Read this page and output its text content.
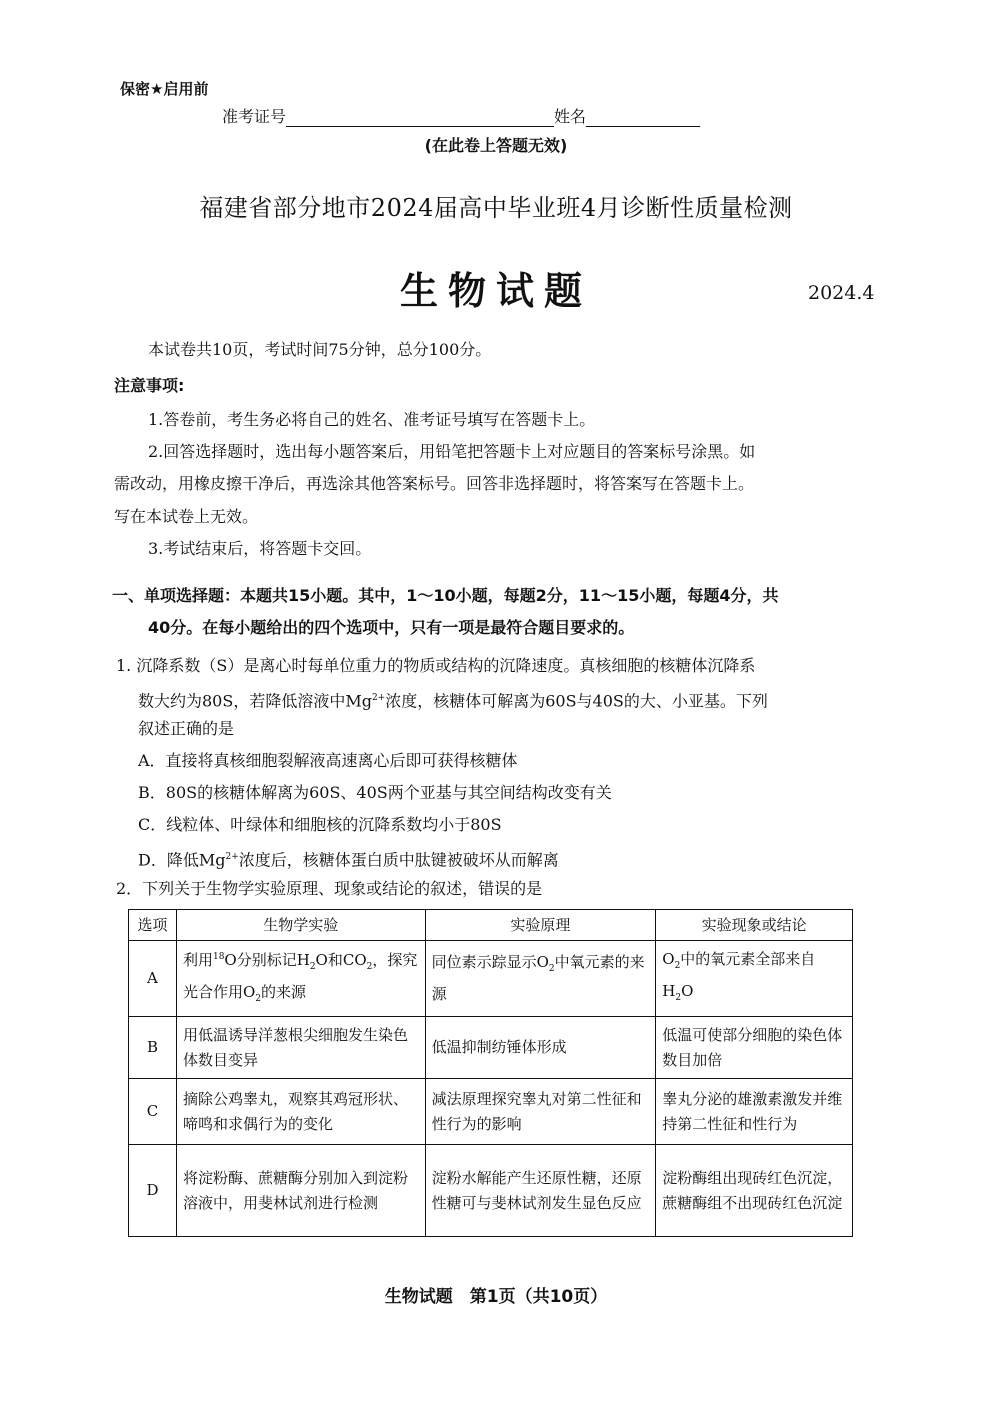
保密★启用前
准考证号	姓名
(在此卷上答题无效)
福建省部分地市2024届高中毕业班4月诊断性质量检测
生物试题	2024.4
本试卷共10页，考试时间75分钟，总分100分。
注意事项:
1.答卷前，考生务必将自己的姓名、准考证号填写在答题卡上。
2.回答选择题时，选出每小题答案后，用铅笔把答题卡上对应题目的答案标号涂黑。如
需改动，用橡皮擦干净后，再选涂其他答案标号。回答非选择题时，将答案写在答题卡上。
写在本试卷上无效。
3.考试结束后，将答题卡交回。
一、单项选择题：本题共15小题。其中，1～10小题，每题2分，11～15小题，每题4分，共
40分。在每小题给出的四个选项中，只有一项是最符合题目要求的。
1. 沉降系数（S）是离心时每单位重力的物质或结构的沉降速度。真核细胞的核糖体沉降系
数大约为80S，若降低溶液中$Mg^{2+}$浓度，核糖体可解离为60S与40S的大、小亚基。下列
叙述正确的是
A．直接将真核细胞裂解液高速离心后即可获得核糖体
B．80S的核糖体解离为60S、40S两个亚基与其空间结构改变有关
C．线粒体、叶绿体和细胞核的沉降系数均小于80S
D．降低$Mg^{2+}$浓度后，核糖体蛋白质中肽键被破坏从而解离
2．下列关于生物学实验原理、现象或结论的叙述，错误的是
选项	生物学实验	实验原理	实验现象或结论
A	利用$^{18}$O分别标记$H_2O$和$CO_2$，探究光合作用$O_2$的来源	同位素示踪显示$O_2$中氧元素的来源	$O_2$中的氧元素全部来自$H_2O$
B	用低温诱导洋葱根尖细胞发生染色体数目变异	低温抑制纺锤体形成	低温可使部分细胞的染色体数目加倍
C	摘除公鸡睾丸，观察其鸡冠形状、啼鸣和求偶行为的变化	减法原理探究睾丸对第二性征和性行为的影响	睾丸分泌的雄激素激发并维持第二性征和性行为
D	将淀粉酶、蔗糖酶分别加入到淀粉溶液中，用斐林试剂进行检测	淀粉水解能产生还原性糖，还原性糖可与斐林试剂发生显色反应	淀粉酶组出现砖红色沉淀，蔗糖酶组不出现砖红色沉淀
生物试题　第1页（共10页）
